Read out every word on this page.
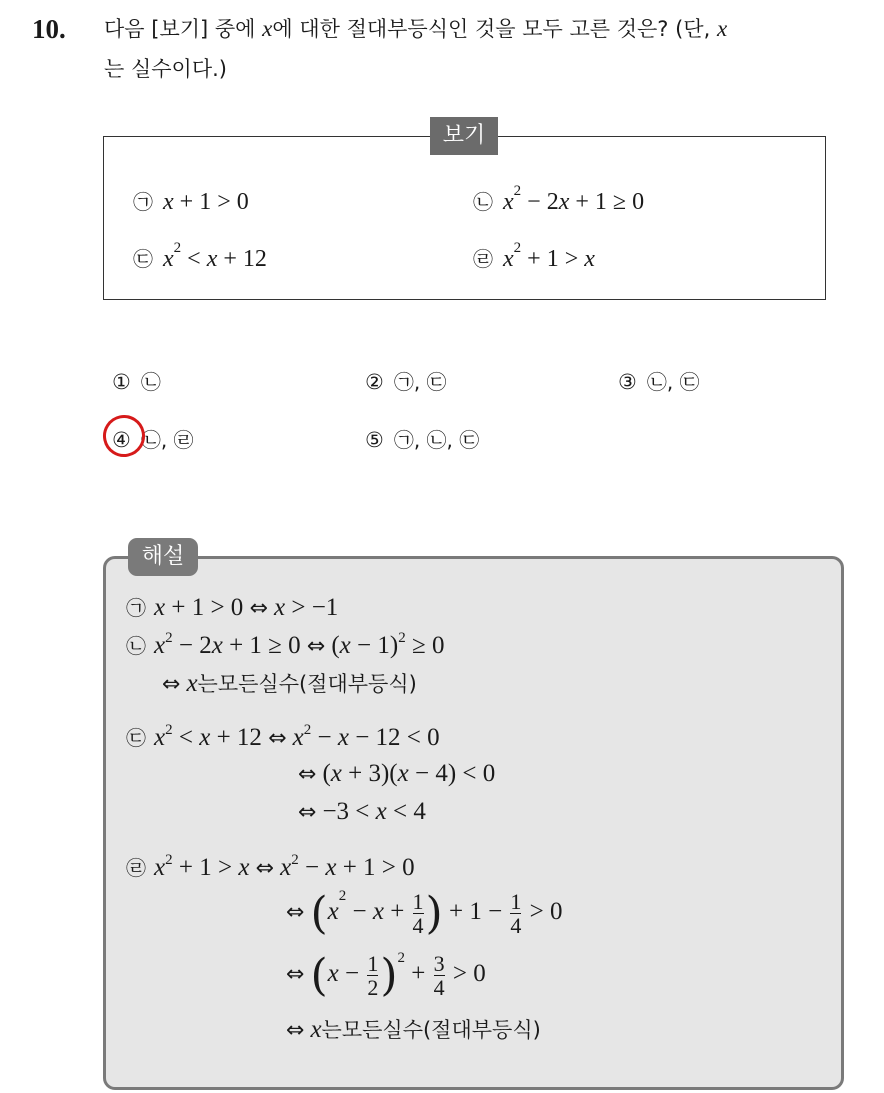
10. 다음 [보기] 중에 x에 대한 절대부등식인 것을 모두 고른 것은? (단, x
는 실수이다.)
보기
㉠ x + 1 > 0	㉡ $x^2 - 2x + 1 \ge 0$
㉢ $x^2 < x + 12$	㉣ $x^2 + 1 > x$
① ㉡	② ㉠, ㉢	③ ㉡, ㉢
④ ㉡, ㉣	⑤ ㉠, ㉡, ㉢
해설
㉠ x + 1 > 0 ⇔ x > −1
㉡ $x^2 - 2x + 1 \ge 0$ ⇔ $(x - 1)^2 \ge 0$
⇔ x는모든실수(절대부등식)
㉢ $x^2 < x + 12$ ⇔ $x^2 - x - 12 < 0$
⇔ (x + 3)(x − 4) < 0
⇔ −3 < x < 4
㉣ $x^2 + 1 > x$ ⇔ $x^2 - x + 1 > 0$
⇔ ($x^2 - x + \frac{1}{4}$ ) + $1 - \frac{1}{4} > 0$
⇔ $(x - \frac{1}{2} )^2 + \frac{3}{4} > 0$
⇔ x는모든실수(절대부등식)
